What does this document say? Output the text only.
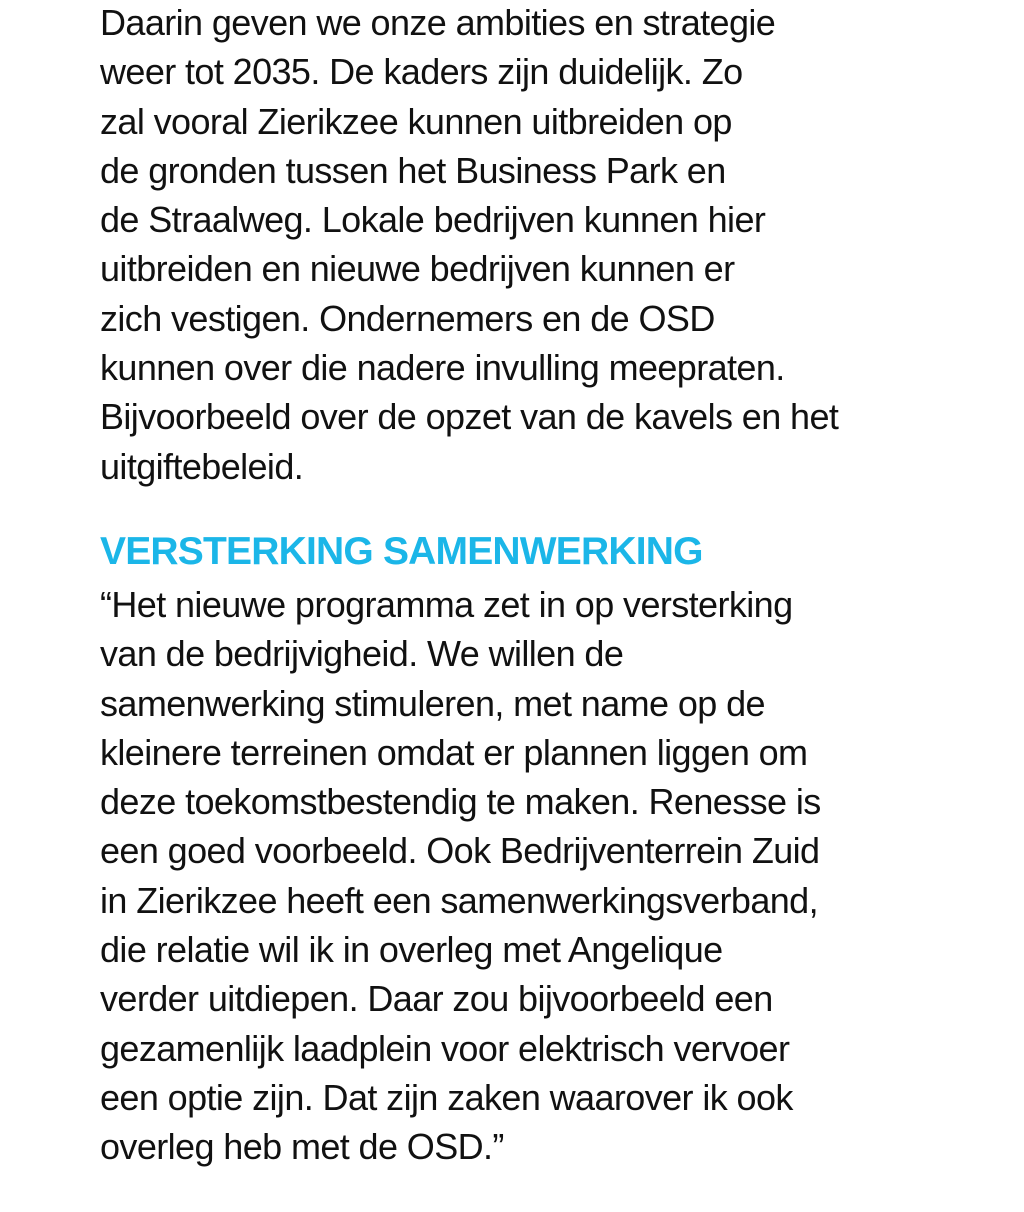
Daarin geven we onze ambities en strategie
weer tot 2035. De kaders zijn duidelijk. Zo
zal vooral Zierikzee kunnen uitbreiden op
de gronden tussen het Business Park en
de Straalweg. Lokale bedrijven kunnen hier
uitbreiden en nieuwe bedrijven kunnen er
zich vestigen. Ondernemers en de OSD
kunnen over die nadere invulling meepraten.
Bijvoorbeeld over de opzet van de kavels en het
uitgiftebeleid.
VERSTERKING SAMENWERKING
“Het nieuwe programma zet in op versterking
van de bedrijvigheid. We willen de
samenwerking stimuleren, met name op de
kleinere terreinen omdat er plannen liggen om
deze toekomstbestendig te maken. Renesse is
een goed voorbeeld. Ook Bedrijventerrein Zuid
in Zierikzee heeft een samenwerkingsverband,
die relatie wil ik in overleg met Angelique
verder uitdiepen. Daar zou bijvoorbeeld een
gezamenlijk laadplein voor elektrisch vervoer
een optie zijn. Dat zijn zaken waarover ik ook
overleg heb met de OSD.”
